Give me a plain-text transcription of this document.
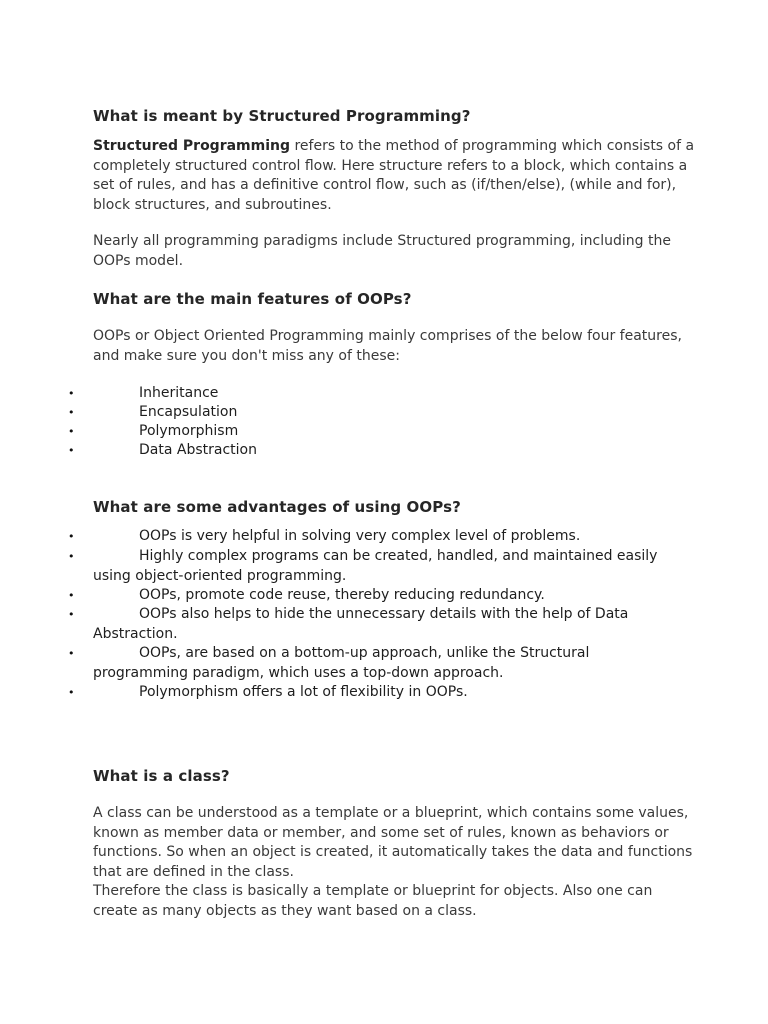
What is meant by Structured Programming?
Structured Programming refers to the method of programming which consists of a
completely structured control flow. Here structure refers to a block, which contains a
set of rules, and has a definitive control flow, such as (if/then/else), (while and for),
block structures, and subroutines.
Nearly all programming paradigms include Structured programming, including the
OOPs model.
What are the main features of OOPs?
OOPs or Object Oriented Programming mainly comprises of the below four features,
and make sure you don't miss any of these:
•	Inheritance
•	Encapsulation
•	Polymorphism
•	Data Abstraction
What are some advantages of using OOPs?
•	OOPs is very helpful in solving very complex level of problems.
•	Highly complex programs can be created, handled, and maintained easily
using object-oriented programming.
•	OOPs, promote code reuse, thereby reducing redundancy.
•	OOPs also helps to hide the unnecessary details with the help of Data
Abstraction.
•	OOPs, are based on a bottom-up approach, unlike the Structural
programming paradigm, which uses a top-down approach.
•	Polymorphism offers a lot of flexibility in OOPs.
What is a class?
A class can be understood as a template or a blueprint, which contains some values,
known as member data or member, and some set of rules, known as behaviors or
functions. So when an object is created, it automatically takes the data and functions
that are defined in the class.
Therefore the class is basically a template or blueprint for objects. Also one can
create as many objects as they want based on a class.
